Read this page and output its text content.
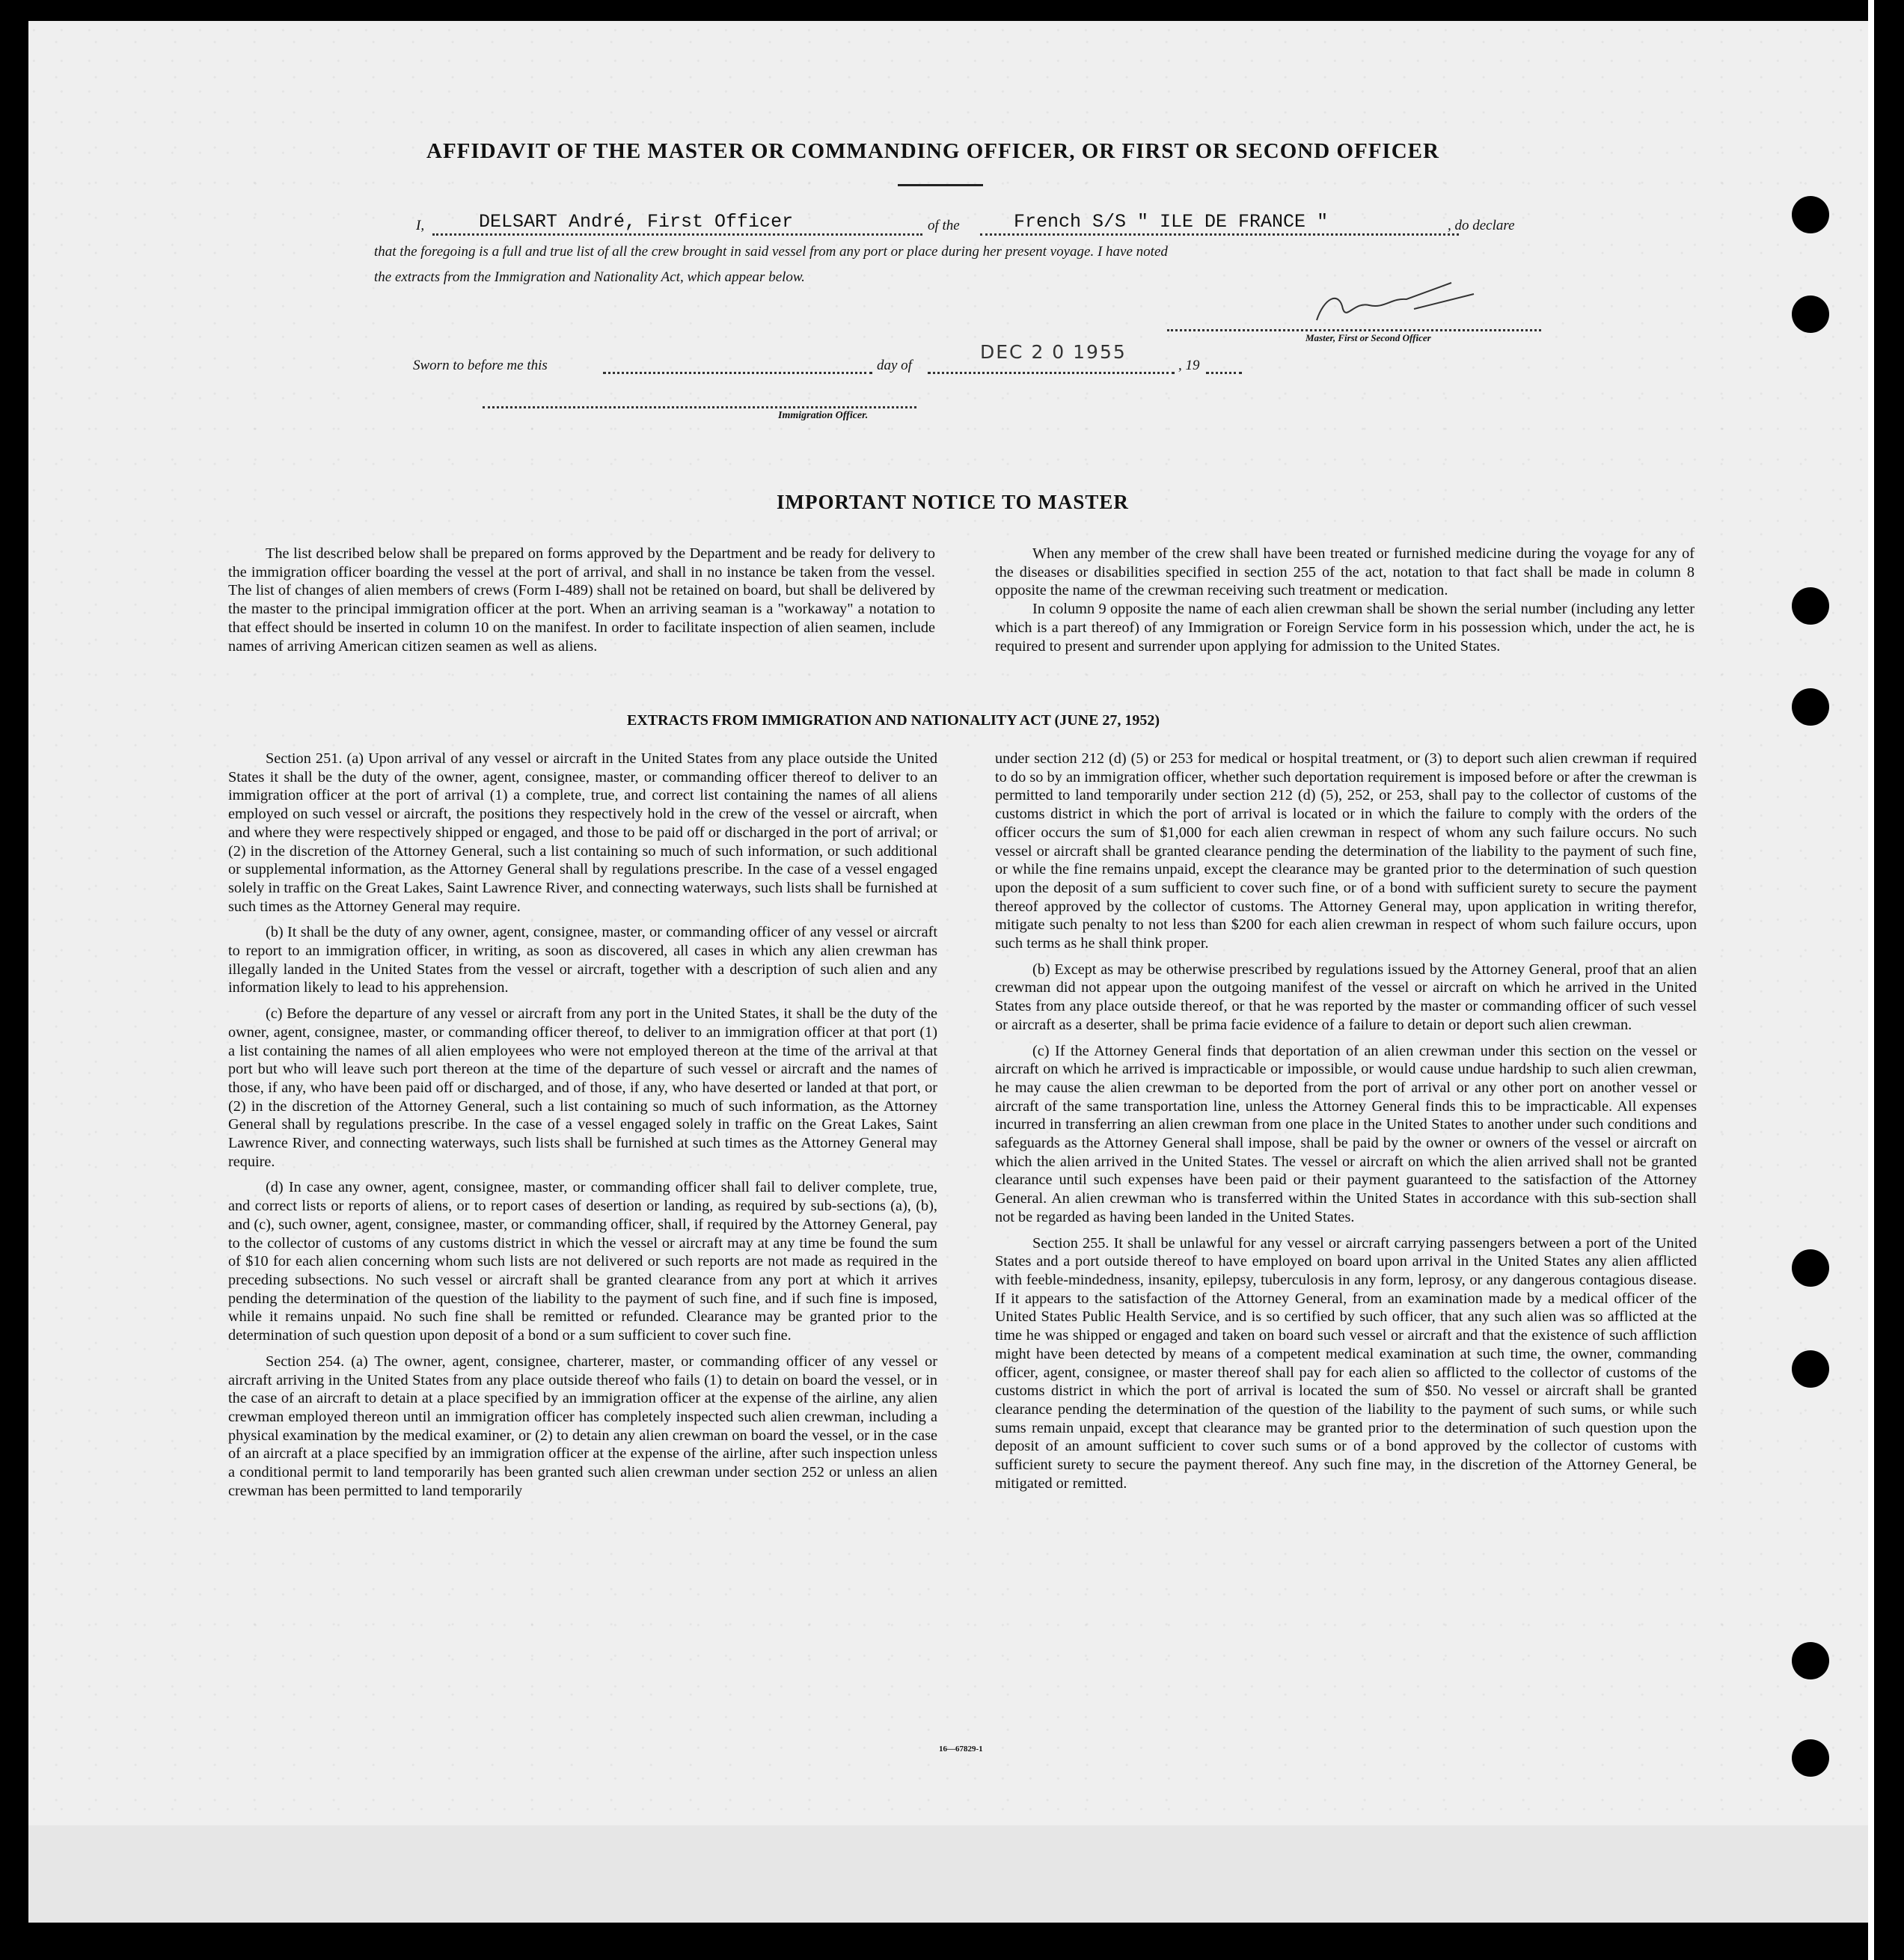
AFFIDAVIT OF THE MASTER OR COMMANDING OFFICER, OR FIRST OR SECOND OFFICER
I,	DELSART André, First Officer	of the	French S/S " ILE DE FRANCE "	, do declare
that the foregoing is a full and true list of all the crew brought in said vessel from any port or place during her present voyage. I have noted
the extracts from the Immigration and Nationality Act, which appear below.
Master, First or Second Officer
Sworn to before me this	day of
DEC 2 0 1955
, 19
Immigration Officer.
IMPORTANT NOTICE TO MASTER

The list described below shall be prepared on forms approved by the Department and be ready for delivery to the immigration officer boarding the vessel at the port of arrival, and shall in no instance be taken from the vessel. The list of changes of alien members of crews (Form I-489) shall not be retained on board, but shall be delivered by the master to the principal immigration officer at the port. When an arriving seaman is a "workaway" a notation to that effect should be inserted in column 10 on the manifest. In order to facilitate inspection of alien seamen, include names of arriving American citizen seamen as well as aliens.

When any member of the crew shall have been treated or furnished medicine during the voyage for any of the diseases or disabilities specified in section 255 of the act, notation to that fact shall be made in column 8 opposite the name of the crewman receiving such treatment or medication.

In column 9 opposite the name of each alien crewman shall be shown the serial number (including any letter which is a part thereof) of any Immigration or Foreign Service form in his possession which, under the act, he is required to present and surrender upon applying for admission to the United States.

EXTRACTS FROM IMMIGRATION AND NATIONALITY ACT (JUNE 27, 1952)

Section 251. (a) Upon arrival of any vessel or aircraft in the United States from any place outside the United States it shall be the duty of the owner, agent, consignee, master, or commanding officer thereof to deliver to an immigration officer at the port of arrival (1) a complete, true, and correct list containing the names of all aliens employed on such vessel or aircraft, the positions they respectively hold in the crew of the vessel or aircraft, when and where they were respectively shipped or engaged, and those to be paid off or discharged in the port of arrival; or (2) in the discretion of the Attorney General, such a list containing so much of such information, or such additional or supplemental information, as the Attorney General shall by regulations prescribe. In the case of a vessel engaged solely in traffic on the Great Lakes, Saint Lawrence River, and connecting waterways, such lists shall be furnished at such times as the Attorney General may require.

(b) It shall be the duty of any owner, agent, consignee, master, or commanding officer of any vessel or aircraft to report to an immigration officer, in writing, as soon as discovered, all cases in which any alien crewman has illegally landed in the United States from the vessel or aircraft, together with a description of such alien and any information likely to lead to his apprehension.

(c) Before the departure of any vessel or aircraft from any port in the United States, it shall be the duty of the owner, agent, consignee, master, or commanding officer thereof, to deliver to an immigration officer at that port (1) a list containing the names of all alien employees who were not employed thereon at the time of the arrival at that port but who will leave such port thereon at the time of the departure of such vessel or aircraft and the names of those, if any, who have been paid off or discharged, and of those, if any, who have deserted or landed at that port, or (2) in the discretion of the Attorney General, such a list containing so much of such information, as the Attorney General shall by regulations prescribe. In the case of a vessel engaged solely in traffic on the Great Lakes, Saint Lawrence River, and connecting waterways, such lists shall be furnished at such times as the Attorney General may require.

(d) In case any owner, agent, consignee, master, or commanding officer shall fail to deliver complete, true, and correct lists or reports of aliens, or to report cases of desertion or landing, as required by sub-sections (a), (b), and (c), such owner, agent, consignee, master, or commanding officer, shall, if required by the Attorney General, pay to the collector of customs of any customs district in which the vessel or aircraft may at any time be found the sum of $10 for each alien concerning whom such lists are not delivered or such reports are not made as required in the preceding subsections. No such vessel or aircraft shall be granted clearance from any port at which it arrives pending the determination of the question of the liability to the payment of such fine, and if such fine is imposed, while it remains unpaid. No such fine shall be remitted or refunded. Clearance may be granted prior to the determination of such question upon deposit of a bond or a sum sufficient to cover such fine.

Section 254. (a) The owner, agent, consignee, charterer, master, or commanding officer of any vessel or aircraft arriving in the United States from any place outside thereof who fails (1) to detain on board the vessel, or in the case of an aircraft to detain at a place specified by an immigration officer at the expense of the airline, any alien crewman employed thereon until an immigration officer has completely inspected such alien crewman, including a physical examination by the medical examiner, or (2) to detain any alien crewman on board the vessel, or in the case of an aircraft at a place specified by an immigration officer at the expense of the airline, after such inspection unless a conditional permit to land temporarily has been granted such alien crewman under section 252 or unless an alien crewman has been permitted to land temporarily

under section 212 (d) (5) or 253 for medical or hospital treatment, or (3) to deport such alien crewman if required to do so by an immigration officer, whether such deportation requirement is imposed before or after the crewman is permitted to land temporarily under section 212 (d) (5), 252, or 253, shall pay to the collector of customs of the customs district in which the port of arrival is located or in which the failure to comply with the orders of the officer occurs the sum of $1,000 for each alien crewman in respect of whom any such failure occurs. No such vessel or aircraft shall be granted clearance pending the determination of the liability to the payment of such fine, or while the fine remains unpaid, except the clearance may be granted prior to the determination of such question upon the deposit of a sum sufficient to cover such fine, or of a bond with sufficient surety to secure the payment thereof approved by the collector of customs. The Attorney General may, upon application in writing therefor, mitigate such penalty to not less than $200 for each alien crewman in respect of whom such failure occurs, upon such terms as he shall think proper.

(b) Except as may be otherwise prescribed by regulations issued by the Attorney General, proof that an alien crewman did not appear upon the outgoing manifest of the vessel or aircraft on which he arrived in the United States from any place outside thereof, or that he was reported by the master or commanding officer of such vessel or aircraft as a deserter, shall be prima facie evidence of a failure to detain or deport such alien crewman.

(c) If the Attorney General finds that deportation of an alien crewman under this section on the vessel or aircraft on which he arrived is impracticable or impossible, or would cause undue hardship to such alien crewman, he may cause the alien crewman to be deported from the port of arrival or any other port on another vessel or aircraft of the same transportation line, unless the Attorney General finds this to be impracticable. All expenses incurred in transferring an alien crewman from one place in the United States to another under such conditions and safeguards as the Attorney General shall impose, shall be paid by the owner or owners of the vessel or aircraft on which the alien arrived in the United States. The vessel or aircraft on which the alien arrived shall not be granted clearance until such expenses have been paid or their payment guaranteed to the satisfaction of the Attorney General. An alien crewman who is transferred within the United States in accordance with this sub-section shall not be regarded as having been landed in the United States.

Section 255. It shall be unlawful for any vessel or aircraft carrying passengers between a port of the United States and a port outside thereof to have employed on board upon arrival in the United States any alien afflicted with feeble-mindedness, insanity, epilepsy, tuberculosis in any form, leprosy, or any dangerous contagious disease. If it appears to the satisfaction of the Attorney General, from an examination made by a medical officer of the United States Public Health Service, and is so certified by such officer, that any such alien was so afflicted at the time he was shipped or engaged and taken on board such vessel or aircraft and that the existence of such affliction might have been detected by means of a competent medical examination at such time, the owner, commanding officer, agent, consignee, or master thereof shall pay for each alien so afflicted to the collector of customs of the customs district in which the port of arrival is located the sum of $50. No vessel or aircraft shall be granted clearance pending the determination of the question of the liability to the payment of such sums, or while such sums remain unpaid, except that clearance may be granted prior to the determination of such question upon the deposit of an amount sufficient to cover such sums or of a bond approved by the collector of customs with sufficient surety to secure the payment thereof. Any such fine may, in the discretion of the Attorney General, be mitigated or remitted.

16—67829-1
